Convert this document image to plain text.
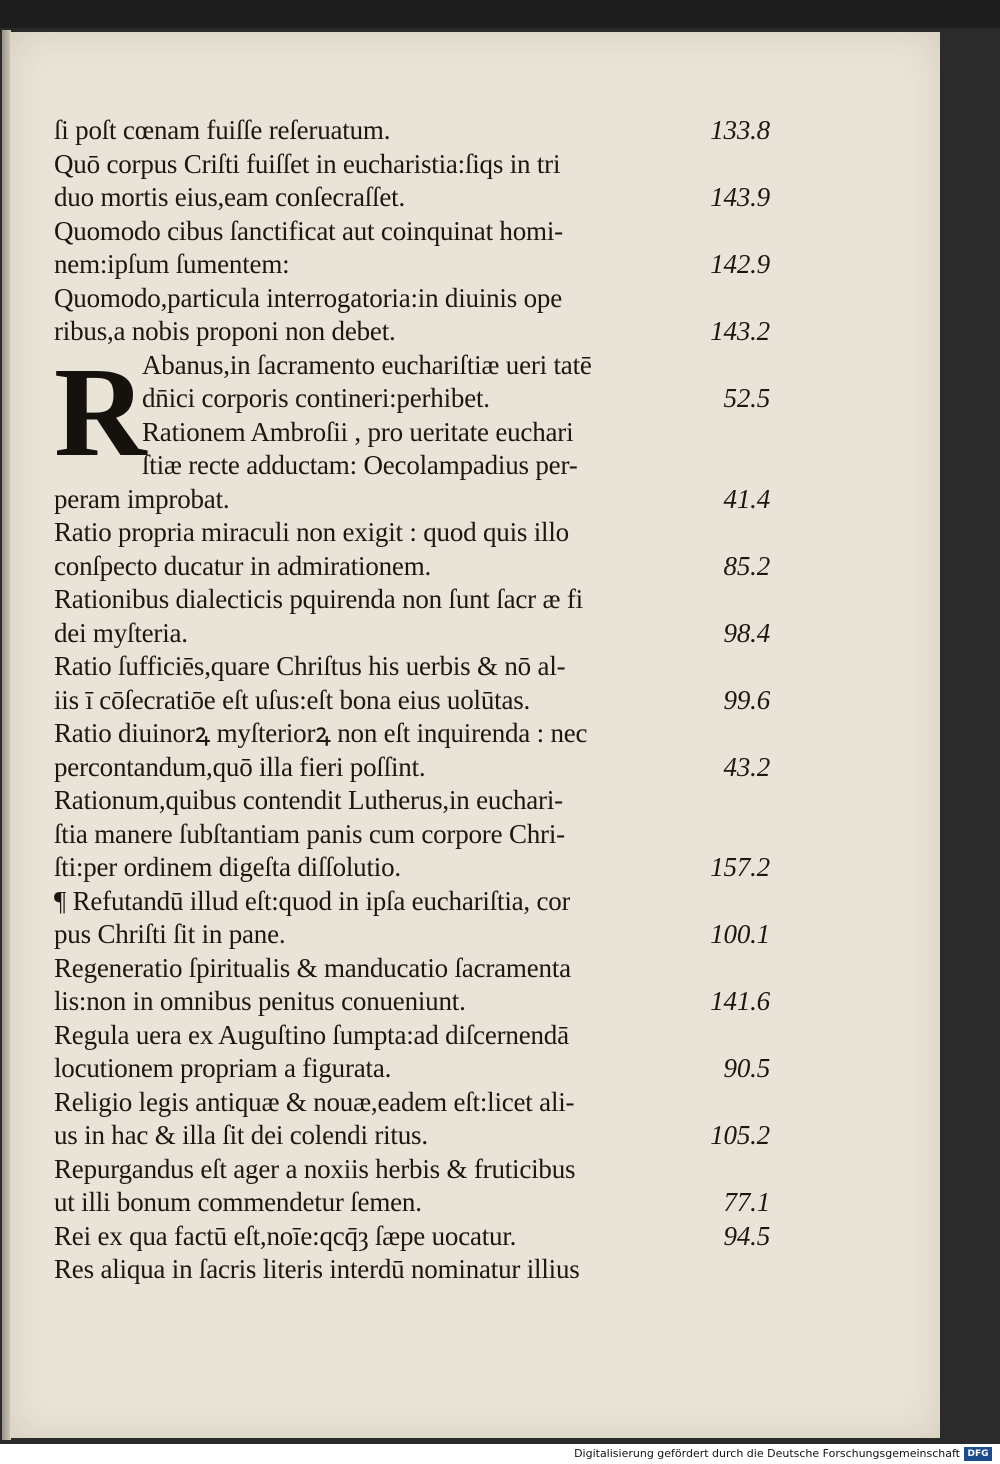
R
ſi poſt cœnam fuiſſe reſeruatum.	133.8
Quō corpus Criſti fuiſſet in eucharistia:ſiqs in tri
duo mortis eius,eam conſecraſſet.	143.9
Quomodo cibus ſanctificat aut coinquinat homi-
nem:ipſum ſumentem:	142.9
Quomodo,particula interrogatoria:in diuinis ope
ribus,a nobis proponi non debet.	143.2
Abanus,in ſacramento euchariſtiæ ueri tatē
dn̄ici corporis contineri:perhibet.	52.5
Rationem Ambroſii , pro ueritate euchari
ſtiæ recte adductam: Oecolampadius per-
peram improbat.	41.4
Ratio propria miraculi non exigit : quod quis illo
conſpecto ducatur in admirationem.	85.2
Rationibus dialecticis pquirenda non ſunt ſacr æ fi
dei myſteria.	98.4
Ratio ſufficiēs,quare Chriſtus his uerbis & nō al-
iis ī cōſecratiōe eſt uſus:eſt bona eius uolūtas.	99.6
Ratio diuinorꝝ myſteriorꝝ non eſt inquirenda : nec
percontandum,quō illa fieri poſſint.	43.2
Rationum,quibus contendit Lutherus,in euchari-
ſtia manere ſubſtantiam panis cum corpore Chri-
ſti:per ordinem digeſta diſſolutio.	157.2
¶ Refutandū illud eſt:quod in ipſa euchariſtia, cor
pus Chriſti ſit in pane.	100.1
Regeneratio ſpiritualis & manducatio ſacramenta
lis:non in omnibus penitus conueniunt.	141.6
Regula uera ex Auguſtino ſumpta:ad diſcernendā
locutionem propriam a figurata.	90.5
Religio legis antiquæ & nouæ,eadem eſt:licet ali-
us in hac & illa ſit dei colendi ritus.	105.2
Repurgandus eſt ager a noxiis herbis & fruticibus
ut illi bonum commendetur ſemen.	77.1
Rei ex qua factū eſt,noīe:qcq̄ȝ ſæpe uocatur.	94.5
Res aliqua in ſacris literis interdū nominatur illius
Digitalisierung gefördert durch die Deutsche Forschungsgemeinschaft DFG
